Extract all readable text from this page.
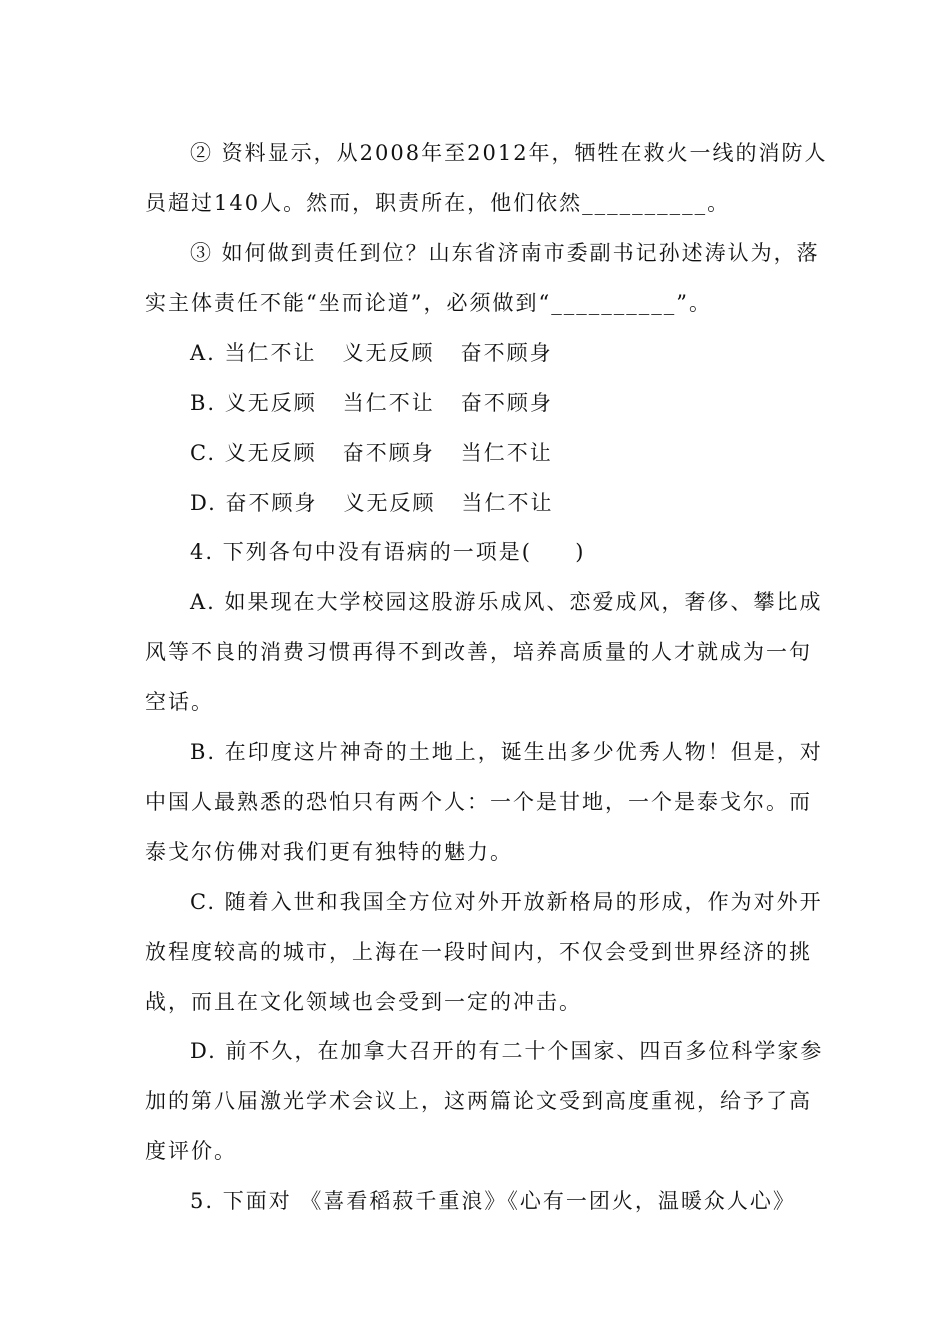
② 资料显示，从2008年至2012年，牺牲在救火一线的消防人
员超过140人。然而，职责所在，他们依然__________。
③ 如何做到责任到位？山东省济南市委副书记孙述涛认为，落
实主体责任不能“坐而论道”，必须做到“__________”。
A. 当仁不让   义无反顾   奋不顾身
B. 义无反顾   当仁不让   奋不顾身
C. 义无反顾   奋不顾身   当仁不让
D. 奋不顾身   义无反顾   当仁不让
4. 下列各句中没有语病的一项是(     )
A. 如果现在大学校园这股游乐成风、恋爱成风，奢侈、攀比成
风等不良的消费习惯再得不到改善，培养高质量的人才就成为一句
空话。
B. 在印度这片神奇的土地上，诞生出多少优秀人物！但是，对
中国人最熟悉的恐怕只有两个人：一个是甘地，一个是泰戈尔。而
泰戈尔仿佛对我们更有独特的魅力。
C. 随着入世和我国全方位对外开放新格局的形成，作为对外开
放程度较高的城市，上海在一段时间内，不仅会受到世界经济的挑
战，而且在文化领域也会受到一定的冲击。
D. 前不久，在加拿大召开的有二十个国家、四百多位科学家参
加的第八届激光学术会议上，这两篇论文受到高度重视，给予了高
度评价。
5. 下面对 《喜看稻菽千重浪》《心有一团火，温暖众人心》
